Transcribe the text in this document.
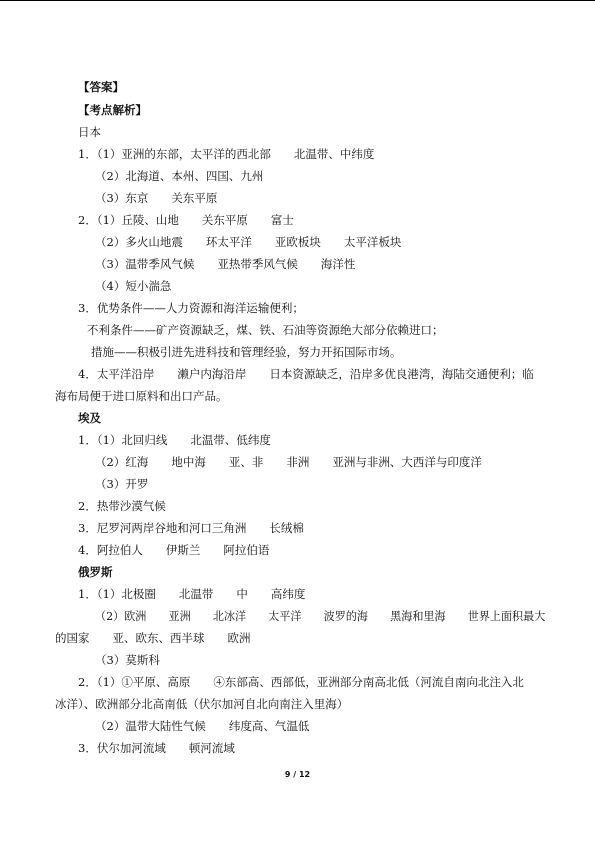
【答案】
【考点解析】
日本
1．（1）亚洲的东部，太平洋的西北部　　北温带、中纬度
（2）北海道、本州、四国、九州
（3）东京　　关东平原
2．（1）丘陵、山地　　关东平原　　富士
（2）多火山地震　　环太平洋　　亚欧板块　　太平洋板块
（3）温带季风气候　　亚热带季风气候　　海洋性
（4）短小湍急
3．优势条件——人力资源和海洋运输便利；
不利条件——矿产资源缺乏，煤、铁、石油等资源绝大部分依赖进口；
措施——积极引进先进科技和管理经验，努力开拓国际市场。
4．太平洋沿岸　　濑户内海沿岸　　日本资源缺乏，沿岸多优良港湾，海陆交通便利；临
海布局便于进口原料和出口产品。
埃及
1．（1）北回归线　　北温带、低纬度
（2）红海　　地中海　　亚、非　　非洲　　亚洲与非洲、大西洋与印度洋
（3）开罗
2．热带沙漠气候
3．尼罗河两岸谷地和河口三角洲　　长绒棉
4．阿拉伯人　　伊斯兰　　阿拉伯语
俄罗斯
1．（1）北极圈　　北温带　　中　　高纬度
（2）欧洲　　亚洲　　北冰洋　　太平洋　　波罗的海　　黑海和里海　　世界上面积最大
的国家　　亚、欧东、西半球　　欧洲
（3）莫斯科
2．（1）①平原、高原　　④东部高、西部低，亚洲部分南高北低（河流自南向北注入北
冰洋）、欧洲部分北高南低（伏尔加河自北向南注入里海）
（2）温带大陆性气候　　纬度高、气温低
3．伏尔加河流域　　顿河流域
9 / 12
